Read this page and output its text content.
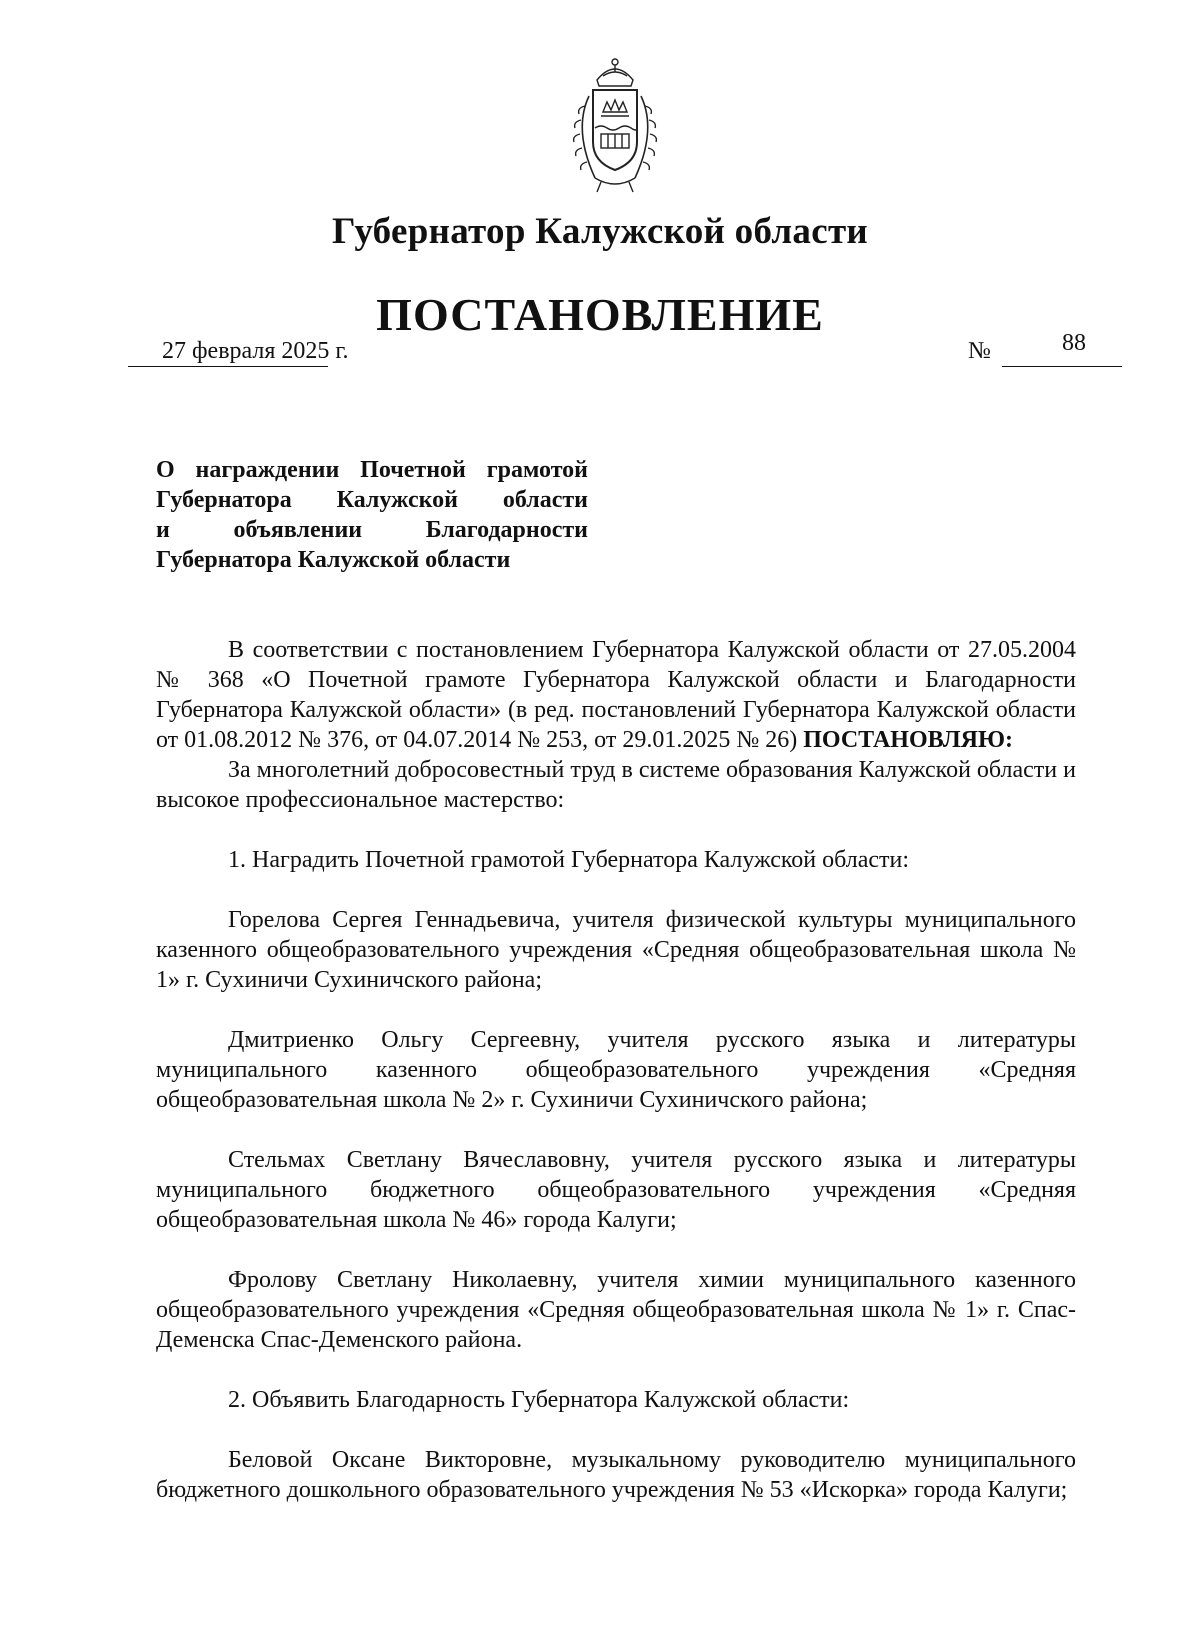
Губернатор Калужской области
ПОСТАНОВЛЕНИЕ
27 февраля 2025 г.	№	88
О награждении Почетной грамотой
Губернатора Калужской области
и объявлении Благодарности
Губернатора Калужской области

В соответствии с постановлением Губернатора Калужской области от 27.05.2004 № 368 «О Почетной грамоте Губернатора Калужской области и Благодарности Губернатора Калужской области» (в ред. постановлений Губернатора Калужской области от 01.08.2012 № 376, от 04.07.2014 № 253, от 29.01.2025 № 26) ПОСТАНОВЛЯЮ:

За многолетний добросовестный труд в системе образования Калужской области и высокое профессиональное мастерство:

1. Наградить Почетной грамотой Губернатора Калужской области:

Горелова Сергея Геннадьевича, учителя физической культуры муниципального казенного общеобразовательного учреждения «Средняя общеобразовательная школа № 1» г. Сухиничи Сухиничского района;

Дмитриенко Ольгу Сергеевну, учителя русского языка и литературы муниципального казенного общеобразовательного учреждения «Средняя общеобразовательная школа № 2» г. Сухиничи Сухиничского района;

Стельмах Светлану Вячеславовну, учителя русского языка и литературы муниципального бюджетного общеобразовательного учреждения «Средняя общеобразовательная школа № 46» города Калуги;

Фролову Светлану Николаевну, учителя химии муниципального казенного общеобразовательного учреждения «Средняя общеобразовательная школа № 1» г. Спас-Деменска Спас-Деменского района.

2. Объявить Благодарность Губернатора Калужской области:

Беловой Оксане Викторовне, музыкальному руководителю муниципального бюджетного дошкольного образовательного учреждения № 53 «Искорка» города Калуги;
